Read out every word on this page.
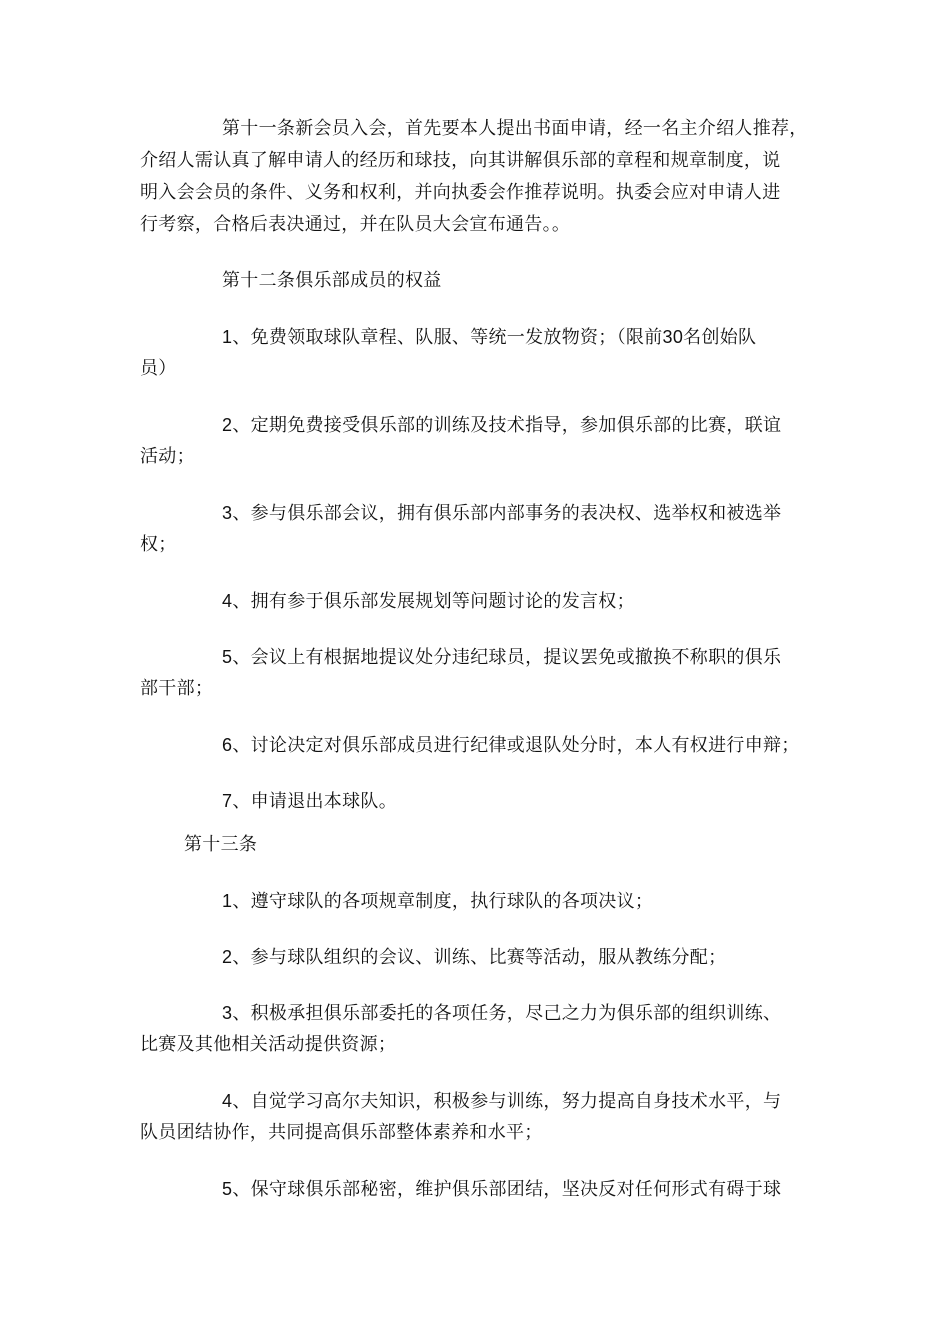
第十一条新会员入会，首先要本人提出书面申请，经一名主介绍人推荐，
介绍人需认真了解申请人的经历和球技，向其讲解俱乐部的章程和规章制度，说
明入会会员的条件、义务和权利，并向执委会作推荐说明。执委会应对申请人进
行考察，合格后表决通过，并在队员大会宣布通告。。
第十二条俱乐部成员的权益
1、免费领取球队章程、队服、等统一发放物资；（限前30名创始队
员）
2、定期免费接受俱乐部的训练及技术指导，参加俱乐部的比赛，联谊
活动；
3、参与俱乐部会议，拥有俱乐部内部事务的表决权、选举权和被选举
权；
4、拥有参于俱乐部发展规划等问题讨论的发言权；
5、会议上有根据地提议处分违纪球员，提议罢免或撤换不称职的俱乐
部干部；
6、讨论决定对俱乐部成员进行纪律或退队处分时，本人有权进行申辩；
7、申请退出本球队。
第十三条
1、遵守球队的各项规章制度，执行球队的各项决议；
2、参与球队组织的会议、训练、比赛等活动，服从教练分配；
3、积极承担俱乐部委托的各项任务，尽己之力为俱乐部的组织训练、
比赛及其他相关活动提供资源；
4、自觉学习高尔夫知识，积极参与训练，努力提高自身技术水平，与
队员团结协作，共同提高俱乐部整体素养和水平；
5、保守球俱乐部秘密，维护俱乐部团结，坚决反对任何形式有碍于球
